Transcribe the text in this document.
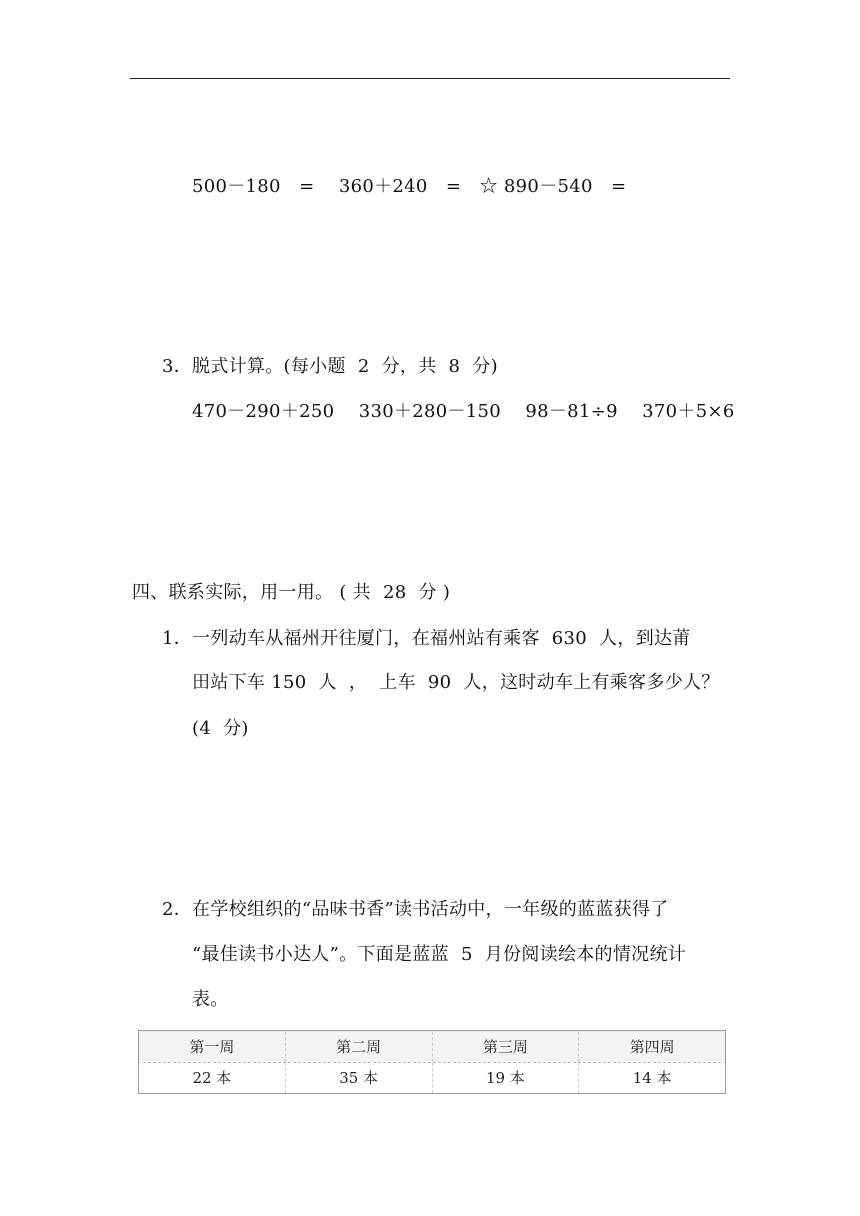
500－180　=　 360＋240　=　☆ 890－540　=
3．脱式计算。(每小题  2  分，共  8  分)
470－290＋250　 330＋280－150　 98－81÷9　 370＋5×6
四、联系实际，用一用。 ( 共  28  分 )
1．一列动车从福州开往厦门，在福州站有乘客  630  人，到达莆
田站下车 150  人  ，  上车  90  人，这时动车上有乘客多少人？
(4  分)
2．在学校组织的“品味书香”读书活动中，一年级的蓝蓝获得了
“最佳读书小达人”。下面是蓝蓝  5  月份阅读绘本的情况统计
表。
第一周	第二周	第三周	第四周
22 本	35 本	19 本	14 本
